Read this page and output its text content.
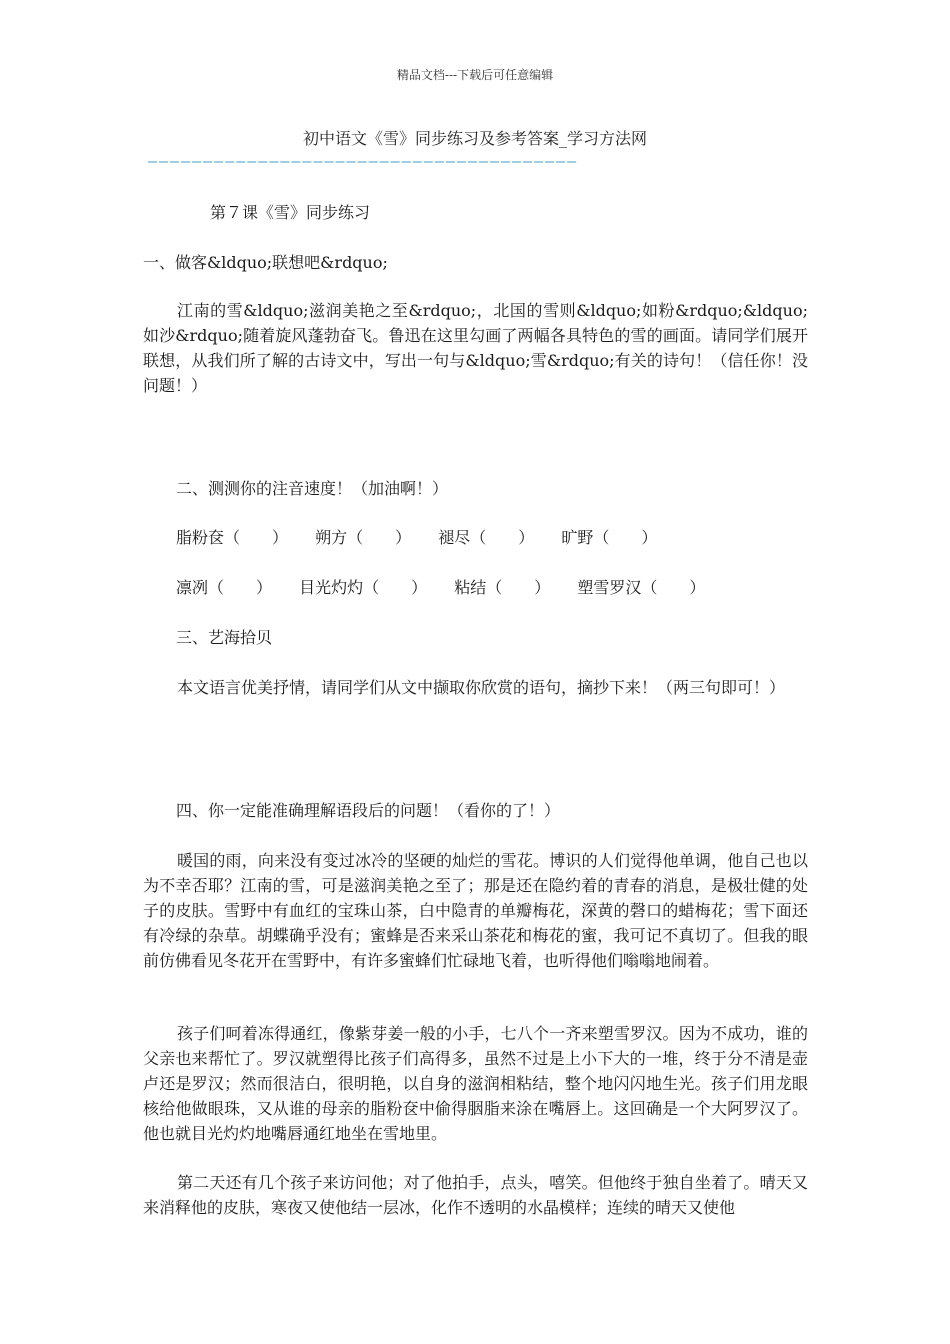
精品文档---下载后可任意编辑
初中语文《雪》同步练习及参考答案_学习方法网
———————————————————————————————————————
第７课《雪》同步练习
一、做客&ldquo;联想吧&rdquo;
江南的雪&ldquo;滋润美艳之至&rdquo;，北国的雪则&ldquo;如粉&rdquo;&ldquo;如沙&rdquo;随着旋风蓬勃奋飞。鲁迅在这里勾画了两幅各具特色的雪的画面。请同学们展开联想，从我们所了解的古诗文中，写出一句与&ldquo;雪&rdquo;有关的诗句！（信任你！没问题！）
二、测测你的注音速度！（加油啊！）
脂粉奁（　　） 朔方（　　） 褪尽（　　） 旷野（　　）
凛冽（　　） 目光灼灼（　　） 粘结（　　） 塑雪罗汉（　　）
三、艺海拾贝
本文语言优美抒情，请同学们从文中撷取你欣赏的语句，摘抄下来！（两三句即可！）
四、你一定能准确理解语段后的问题！（看你的了！）
暖国的雨，向来没有变过冰冷的坚硬的灿烂的雪花。博识的人们觉得他单调，他自己也以为不幸否耶？江南的雪，可是滋润美艳之至了；那是还在隐约着的青春的消息，是极壮健的处子的皮肤。雪野中有血红的宝珠山茶，白中隐青的单瓣梅花，深黄的磬口的蜡梅花；雪下面还有冷绿的杂草。胡蝶确乎没有；蜜蜂是否来采山茶花和梅花的蜜，我可记不真切了。但我的眼前仿佛看见冬花开在雪野中，有许多蜜蜂们忙碌地飞着，也听得他们嗡嗡地闹着。
孩子们呵着冻得通红，像紫芽姜一般的小手，七八个一齐来塑雪罗汉。因为不成功，谁的父亲也来帮忙了。罗汉就塑得比孩子们高得多，虽然不过是上小下大的一堆，终于分不清是壶卢还是罗汉；然而很洁白，很明艳，以自身的滋润相粘结，整个地闪闪地生光。孩子们用龙眼核给他做眼珠，又从谁的母亲的脂粉奁中偷得胭脂来涂在嘴唇上。这回确是一个大阿罗汉了。他也就目光灼灼地嘴唇通红地坐在雪地里。
第二天还有几个孩子来访问他；对了他拍手，点头，嘻笑。但他终于独自坐着了。晴天又来消释他的皮肤，寒夜又使他结一层冰，化作不透明的水晶模样；连续的晴天又使他
